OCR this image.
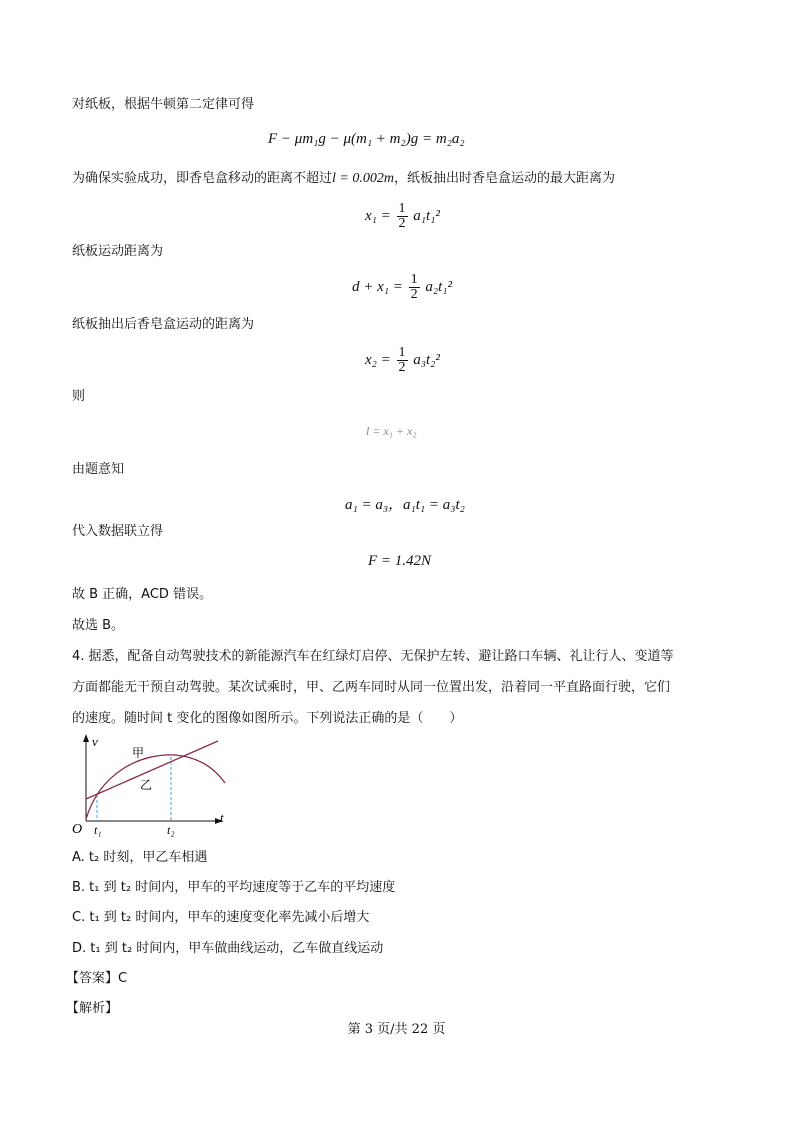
对纸板，根据牛顿第二定律可得
F − μm₁g − μ(m₁ + m₂)g = m₂a₂
为确保实验成功，即香皂盒移动的距离不超过l = 0.002m，纸板抽出时香皂盒运动的最大距离为
$x_1 = \frac{1}{2} a_1t_1^2$
纸板运动距离为
$d + x_1 = \frac{1}{2} a_2t_1^2$
纸板抽出后香皂盒运动的距离为
$x_2 = \frac{1}{2} a_3t_2^2$
则
l = x₁ + x₂
由题意知
a₁ = a₃，a₁t₁ = a₃t₂
代入数据联立得
F = 1.42N
故 B 正确，ACD 错误。
故选 B。
4. 据悉，配备自动驾驶技术的新能源汽车在红绿灯启停、无保护左转、避让路口车辆、礼让行人、变道等
方面都能无干预自动驾驶。某次试乘时，甲、乙两车同时从同一位置出发，沿着同一平直路面行驶，它们
的速度。随时间 t 变化的图像如图所示。下列说法正确的是（　　）
v
t
O t₁	t₂
甲
乙
A. t₂ 时刻，甲乙车相遇
B. t₁ 到 t₂ 时间内，甲车的平均速度等于乙车的平均速度
C. t₁ 到 t₂ 时间内，甲车的速度变化率先减小后增大
D. t₁ 到 t₂ 时间内，甲车做曲线运动，乙车做直线运动
【答案】C
【解析】
第 3 页/共 22 页
